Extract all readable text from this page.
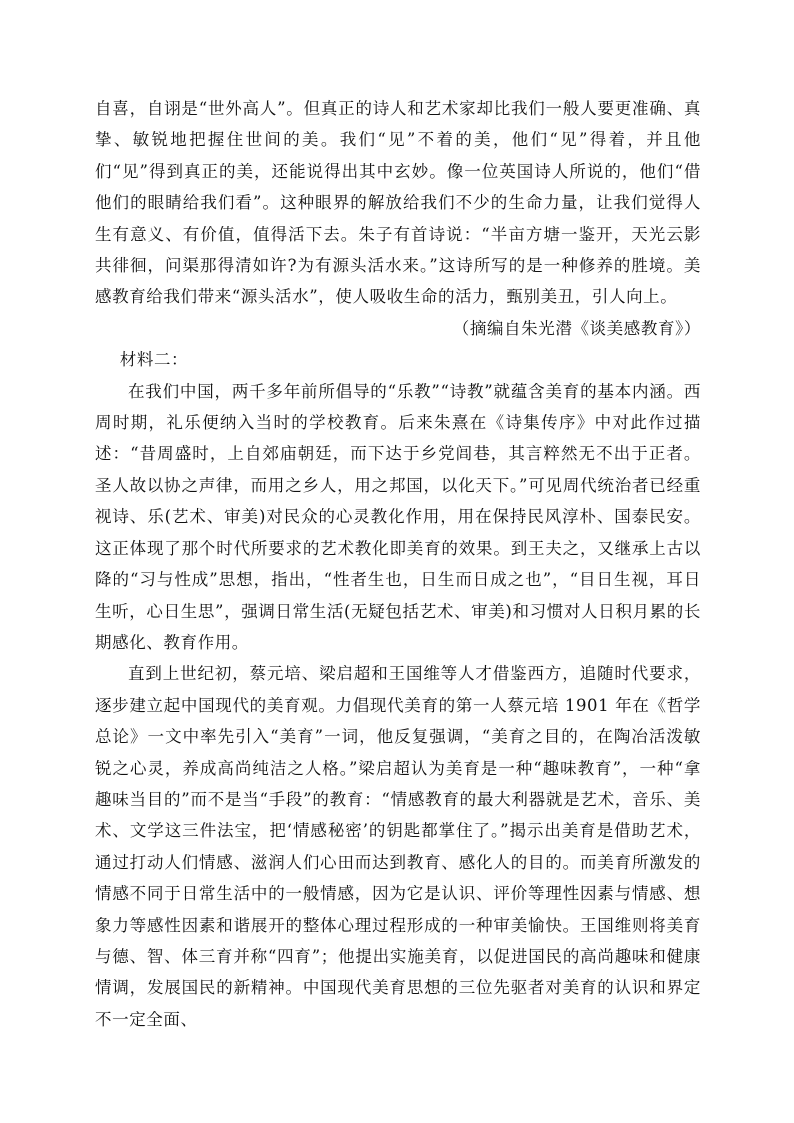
自喜，自诩是“世外高人”。但真正的诗人和艺术家却比我们一般人要更准确、真挚、敏锐地把握住世间的美。我们“见”不着的美，他们“见”得着，并且他们“见”得到真正的美，还能说得出其中玄妙。像一位英国诗人所说的，他们“借他们的眼睛给我们看”。这种眼界的解放给我们不少的生命力量，让我们觉得人生有意义、有价值，值得活下去。朱子有首诗说：“半亩方塘一鉴开，天光云影共徘徊，问渠那得清如许?为有源头活水来。”这诗所写的是一种修养的胜境。美感教育给我们带来“源头活水”，使人吸收生命的活力，甄别美丑，引人向上。

（摘编自朱光潜《谈美感教育》）

材料二：

在我们中国，两千多年前所倡导的“乐教”“诗教”就蕴含美育的基本内涵。西周时期，礼乐便纳入当时的学校教育。后来朱熹在《诗集传序》中对此作过描述：“昔周盛时，上自郊庙朝廷，而下达于乡党闾巷，其言粹然无不出于正者。圣人故以协之声律，而用之乡人，用之邦国，以化天下。”可见周代统治者已经重视诗、乐(艺术、审美)对民众的心灵教化作用，用在保持民风淳朴、国泰民安。这正体现了那个时代所要求的艺术教化即美育的效果。到王夫之，又继承上古以降的“习与性成”思想，指出，“性者生也，日生而日成之也”，“目日生视，耳日生听，心日生思”，强调日常生活(无疑包括艺术、审美)和习惯对人日积月累的长期感化、教育作用。

直到上世纪初，蔡元培、梁启超和王国维等人才借鉴西方，追随时代要求，逐步建立起中国现代的美育观。力倡现代美育的第一人蔡元培 1901 年在《哲学总论》一文中率先引入“美育”一词，他反复强调，“美育之目的，在陶冶活泼敏锐之心灵，养成高尚纯洁之人格。”梁启超认为美育是一种“趣味教育”，一种“拿趣味当目的”而不是当“手段”的教育：“情感教育的最大利器就是艺术，音乐、美术、文学这三件法宝，把‘情感秘密’的钥匙都掌住了。”揭示出美育是借助艺术，通过打动人们情感、滋润人们心田而达到教育、感化人的目的。而美育所激发的情感不同于日常生活中的一般情感，因为它是认识、评价等理性因素与情感、想象力等感性因素和谐展开的整体心理过程形成的一种审美愉快。王国维则将美育与德、智、体三育并称“四育”；他提出实施美育，以促进国民的高尚趣味和健康情调，发展国民的新精神。中国现代美育思想的三位先驱者对美育的认识和界定不一定全面、
